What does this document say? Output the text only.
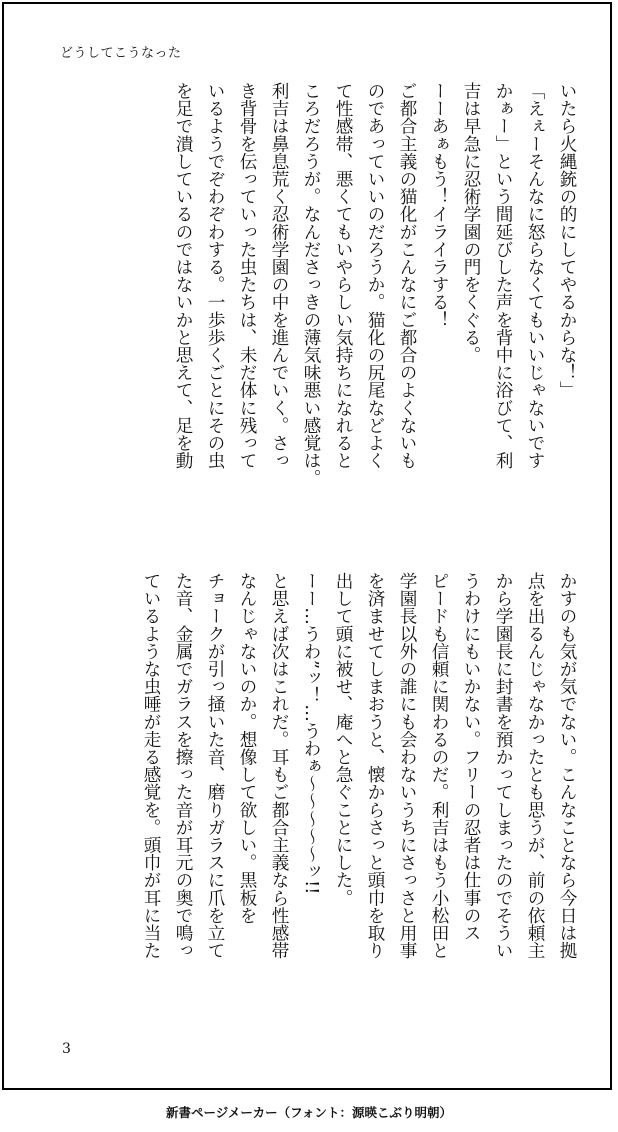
どうしてこうなった
いたら火縄銃の的にしてやるからな！」
「えぇーそんなに怒らなくてもいいじゃないです
かぁー」という間延びした声を背中に浴びて、利
吉は早急に忍術学園の門をくぐる。
ーーあぁもう！イライラする！
ご都合主義の猫化がこんなにご都合のよくないも
のであっていいのだろうか。猫化の尻尾などよく
て性感帯、悪くてもいやらしい気持ちになれると
ころだろうが。なんださっきの薄気味悪い感覚は。
利吉は鼻息荒く忍術学園の中を進んでいく。さっ
き背骨を伝っていった虫たちは、未だ体に残って
いるようでぞわぞわする。一歩歩くごとにその虫
を足で潰しているのではないかと思えて、足を動
かすのも気が気でない。こんなことなら今日は拠
点を出るんじゃなかったとも思うが、前の依頼主
から学園長に封書を預かってしまったのでそうい
うわけにもいかない。フリーの忍者は仕事のス
ピードも信頼に関わるのだ。利吉はもう小松田と
学園長以外の誰にも会わないうちにさっさと用事
を済ませてしまおうと、懐からさっと頭巾を取り
出して頭に被せ、庵へと急ぐことにした。
ーー…うわ”ッ！…うわぁ〜〜〜〜〜ッ!!
と思えば次はこれだ。耳もご都合主義なら性感帯
なんじゃないのか。想像して欲しい。黒板を
チョークが引っ掻いた音、磨りガラスに爪を立て
た音、金属でガラスを擦った音が耳元の奥で鳴っ
ているような虫唾が走る感覚を。頭巾が耳に当た
3
新書ページメーカー（フォント：源暎こぶり明朝）
